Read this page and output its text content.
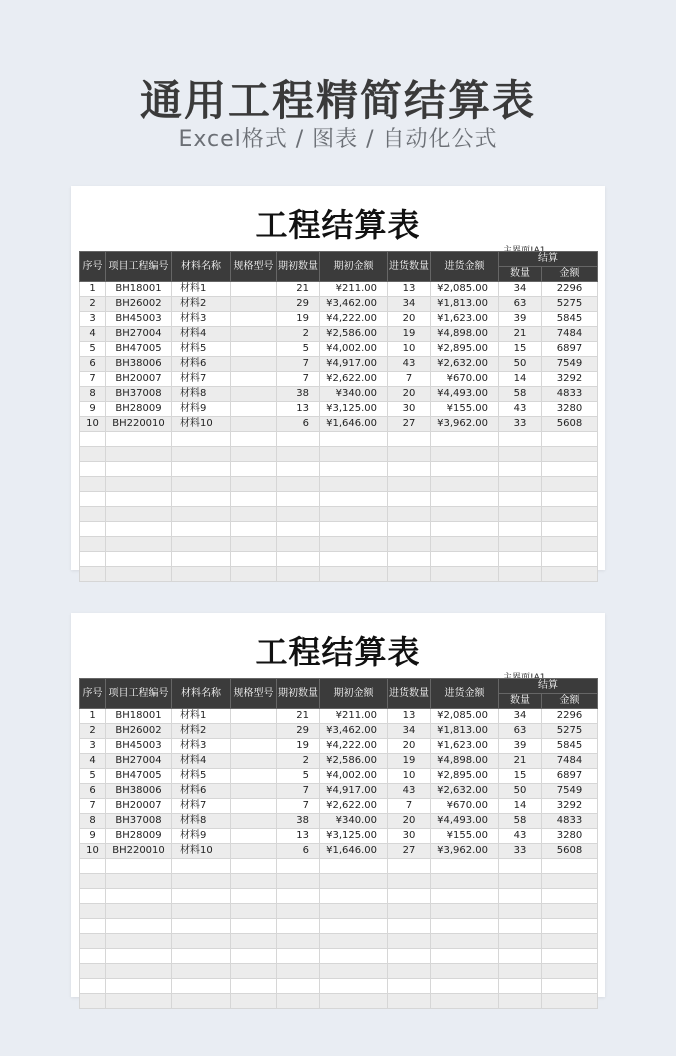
通用工程精简结算表
Excel格式 / 图表 / 自动化公式
工程结算表
序号	项目工程编号	材料名称	规格型号	期初数量	期初金额	进货数量	进货金额	结算	
								数量	金额
1	BH18001	材料1		21	¥211.00	13	¥2,085.00	34	2296
2	BH26002	材料2		29	¥3,462.00	34	¥1,813.00	63	5275
3	BH45003	材料3		19	¥4,222.00	20	¥1,623.00	39	5845
4	BH27004	材料4		2	¥2,586.00	19	¥4,898.00	21	7484
5	BH47005	材料5		5	¥4,002.00	10	¥2,895.00	15	6897
6	BH38006	材料6		7	¥4,917.00	43	¥2,632.00	50	7549
7	BH20007	材料7		7	¥2,622.00	7	¥670.00	14	3292
8	BH37008	材料8		38	¥340.00	20	¥4,493.00	58	4833
9	BH28009	材料9		13	¥3,125.00	30	¥155.00	43	3280
10	BH220010	材料10		6	¥1,646.00	27	¥3,962.00	33	5608

工程结算表
序号	项目工程编号	材料名称	规格型号	期初数量	期初金额	进货数量	进货金额	结算	
								数量	金额
1	BH18001	材料1		21	¥211.00	13	¥2,085.00	34	2296
2	BH26002	材料2		29	¥3,462.00	34	¥1,813.00	63	5275
3	BH45003	材料3		19	¥4,222.00	20	¥1,623.00	39	5845
4	BH27004	材料4		2	¥2,586.00	19	¥4,898.00	21	7484
5	BH47005	材料5		5	¥4,002.00	10	¥2,895.00	15	6897
6	BH38006	材料6		7	¥4,917.00	43	¥2,632.00	50	7549
7	BH20007	材料7		7	¥2,622.00	7	¥670.00	14	3292
8	BH37008	材料8		38	¥340.00	20	¥4,493.00	58	4833
9	BH28009	材料9		13	¥3,125.00	30	¥155.00	43	3280
10	BH220010	材料10		6	¥1,646.00	27	¥3,962.00	33	5608
